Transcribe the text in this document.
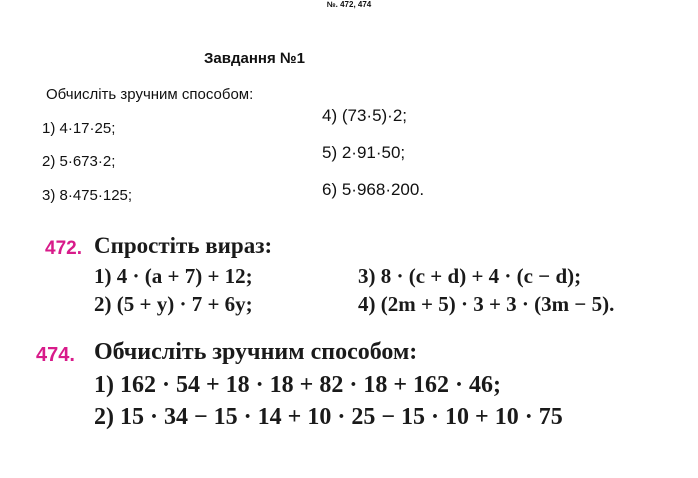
№. 472, 474
Завдання №1
Обчисліть зручним способом:
1) 4·17·25;
2) 5·673·2;
3) 8·475·125;
4) (73·5)·2;
5) 2·91·50;
6) 5·968·200.
472. Спростіть вираз:
1) 4 · (a + 7) + 12;	3) 8 · (c + d) + 4 · (c − d);
2) (5 + y) · 7 + 6y;	4) (2m + 5) · 3 + 3 · (3m − 5).
474. Обчисліть зручним способом:
1) 162 · 54 + 18 · 18 + 82 · 18 + 162 · 46;
2) 15 · 34 − 15 · 14 + 10 · 25 − 15 · 10 + 10 · 75
